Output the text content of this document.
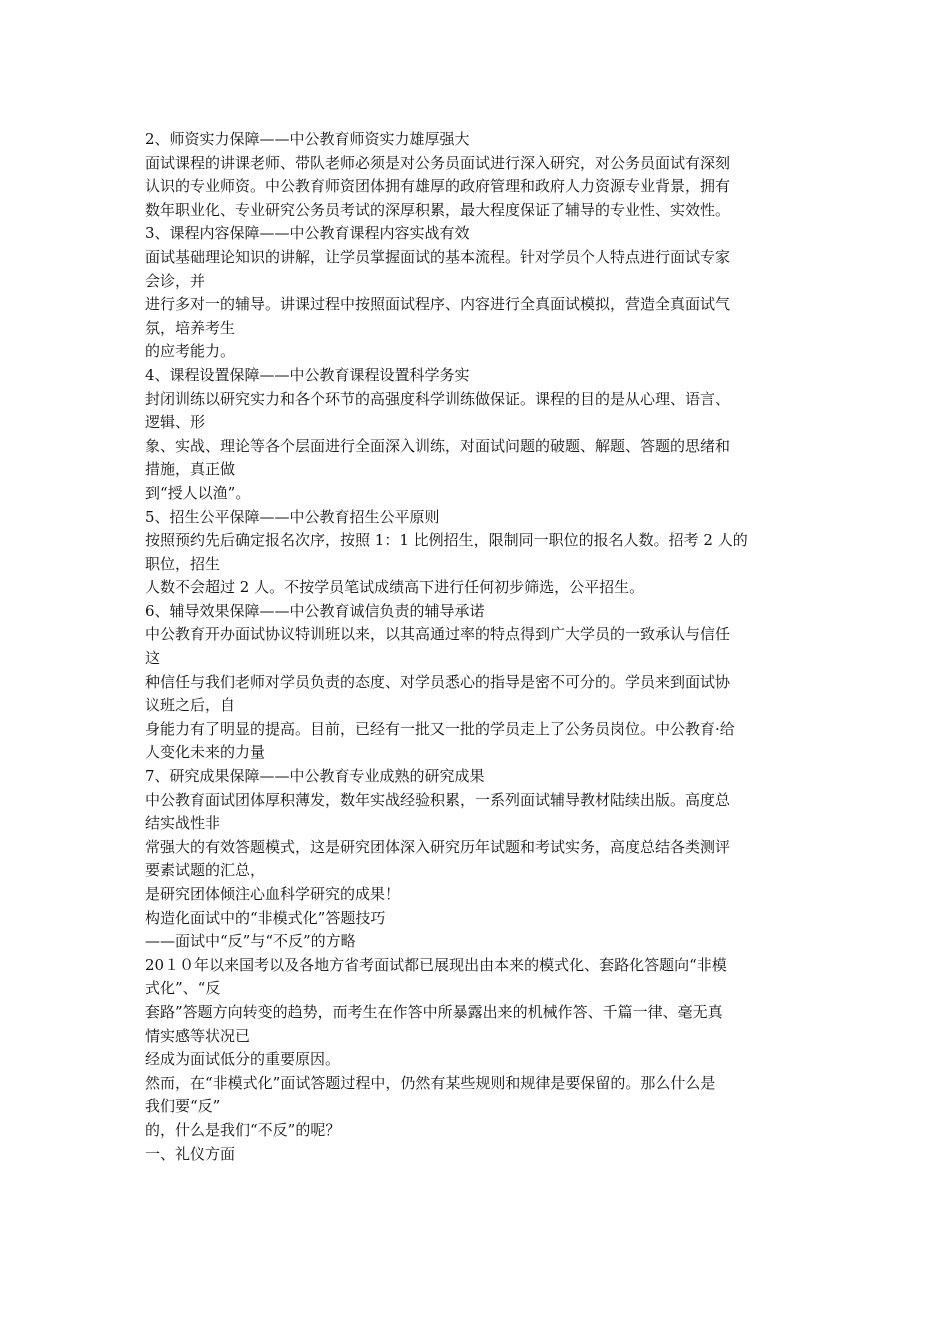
2、师资实力保障——中公教育师资实力雄厚强大
面试课程的讲课老师、带队老师必须是对公务员面试进行深入研究，对公务员面试有深刻
认识的专业师资。中公教育师资团体拥有雄厚的政府管理和政府人力资源专业背景，拥有
数年职业化、专业研究公务员考试的深厚积累，最大程度保证了辅导的专业性、实效性。
3、课程内容保障——中公教育课程内容实战有效
面试基础理论知识的讲解，让学员掌握面试的基本流程。针对学员个人特点进行面试专家
会诊，并
进行多对一的辅导。讲课过程中按照面试程序、内容进行全真面试模拟，营造全真面试气
氛，培养考生
的应考能力。
4、课程设置保障——中公教育课程设置科学务实
封闭训练以研究实力和各个环节的高强度科学训练做保证。课程的目的是从心理、语言、
逻辑、形
象、实战、理论等各个层面进行全面深入训练，对面试问题的破题、解题、答题的思绪和
措施，真正做
到“授人以渔”。
5、招生公平保障——中公教育招生公平原则
按照预约先后确定报名次序，按照 1：1 比例招生，限制同一职位的报名人数。招考 2 人的
职位，招生
人数不会超过 2 人。不按学员笔试成绩高下进行任何初步筛选，公平招生。
6、辅导效果保障——中公教育诚信负责的辅导承诺
中公教育开办面试协议特训班以来，以其高通过率的特点得到广大学员的一致承认与信任
这
种信任与我们老师对学员负责的态度、对学员悉心的指导是密不可分的。学员来到面试协
议班之后，自
身能力有了明显的提高。目前，已经有一批又一批的学员走上了公务员岗位。中公教育·给
人变化未来的力量
7、研究成果保障——中公教育专业成熟的研究成果
中公教育面试团体厚积薄发，数年实战经验积累，一系列面试辅导教材陆续出版。高度总
结实战性非
常强大的有效答题模式，这是研究团体深入研究历年试题和考试实务，高度总结各类测评
要素试题的汇总，
是研究团体倾注心血科学研究的成果！
构造化面试中的“非模式化”答题技巧
——面试中“反”与“不反”的方略
20１０年以来国考以及各地方省考面试都已展现出由本来的模式化、套路化答题向“非模
式化”、“反
套路”答题方向转变的趋势，而考生在作答中所暴露出来的机械作答、千篇一律、毫无真
情实感等状况已
经成为面试低分的重要原因。
然而，在“非模式化”面试答题过程中，仍然有某些规则和规律是要保留的。那么什么是
我们要“反”
的，什么是我们“不反”的呢？
一、礼仪方面
